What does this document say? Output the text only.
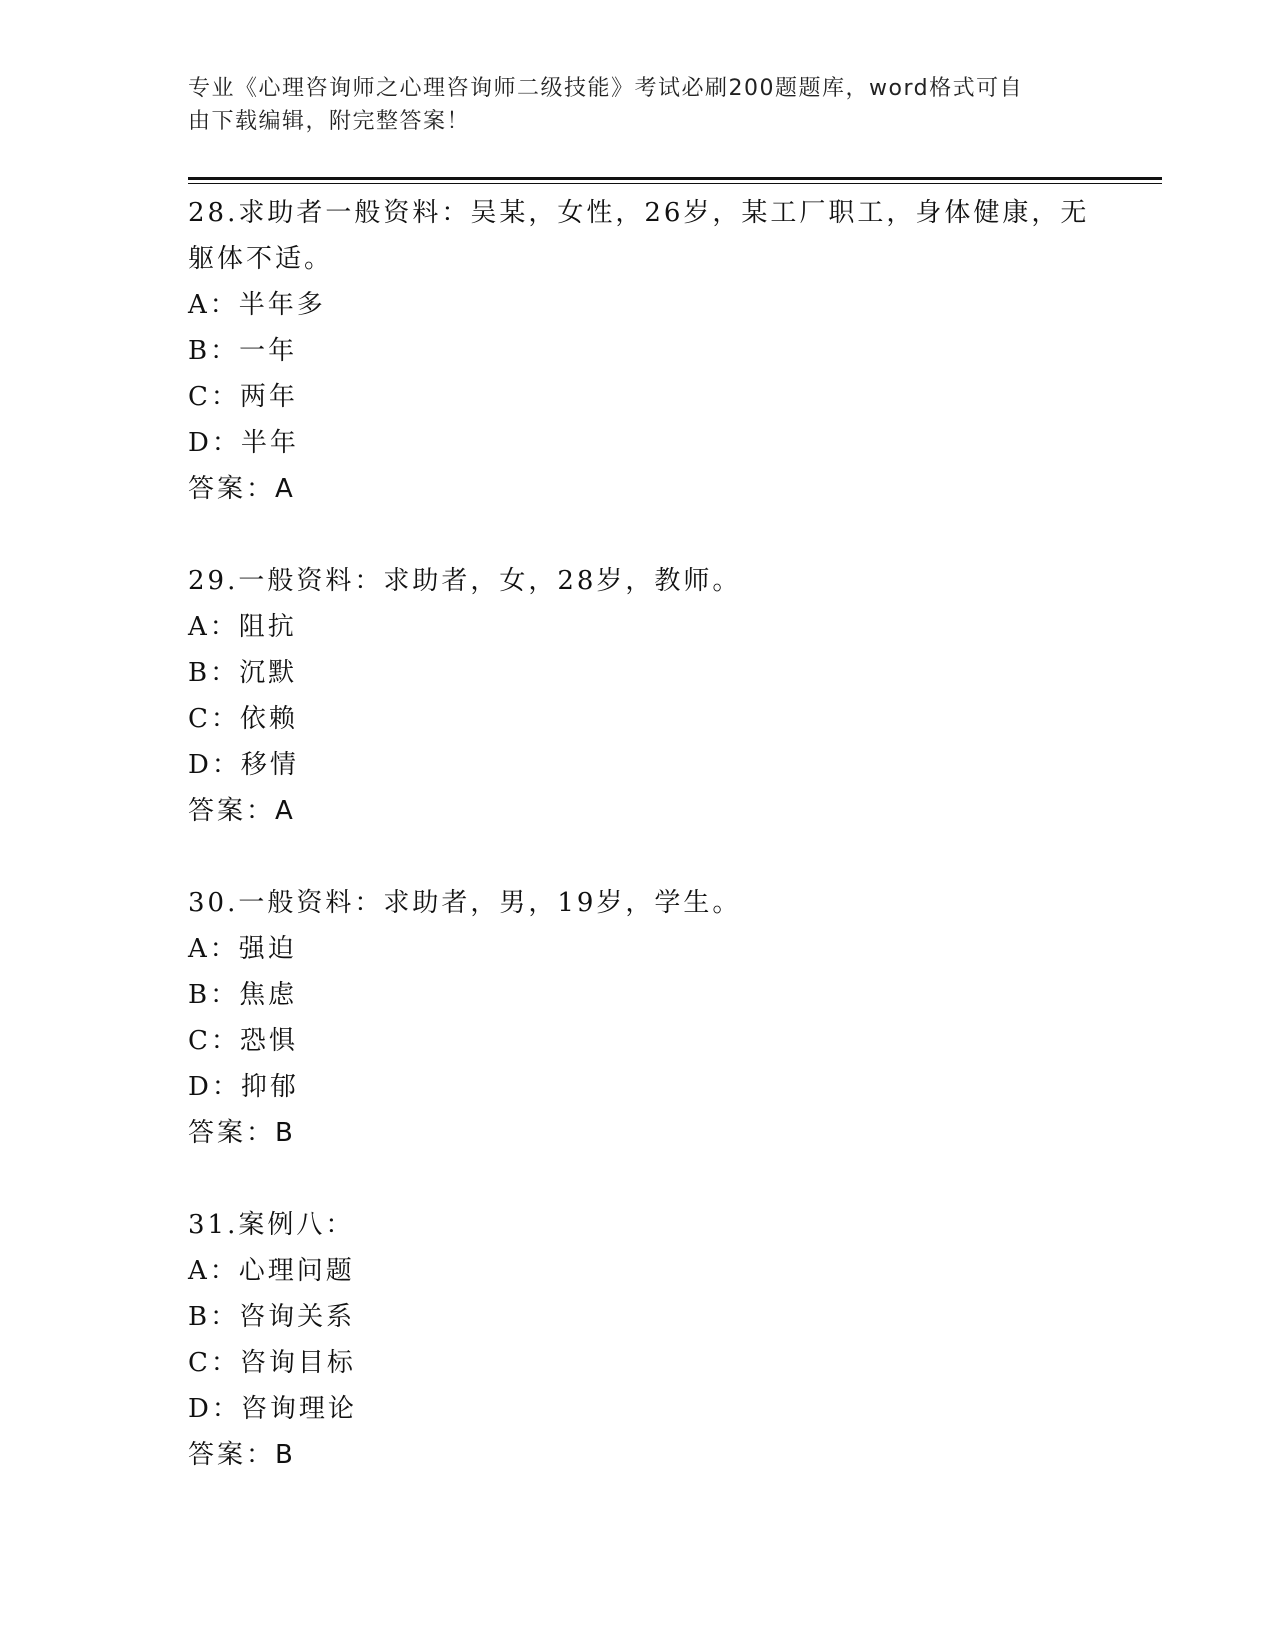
专业《心理咨询师之心理咨询师二级技能》考试必刷200题题库，word格式可自
由下载编辑，附完整答案！
28.求助者一般资料：吴某，女性，26岁，某工厂职工，身体健康，无
躯体不适。
A：半年多
B：一年
C：两年
D：半年
答案：A
29.一般资料：求助者，女，28岁，教师。
A：阻抗
B：沉默
C：依赖
D：移情
答案：A
30.一般资料：求助者，男，19岁，学生。
A：强迫
B：焦虑
C：恐惧
D：抑郁
答案：B
31.案例八：
A：心理问题
B：咨询关系
C：咨询目标
D：咨询理论
答案：B
